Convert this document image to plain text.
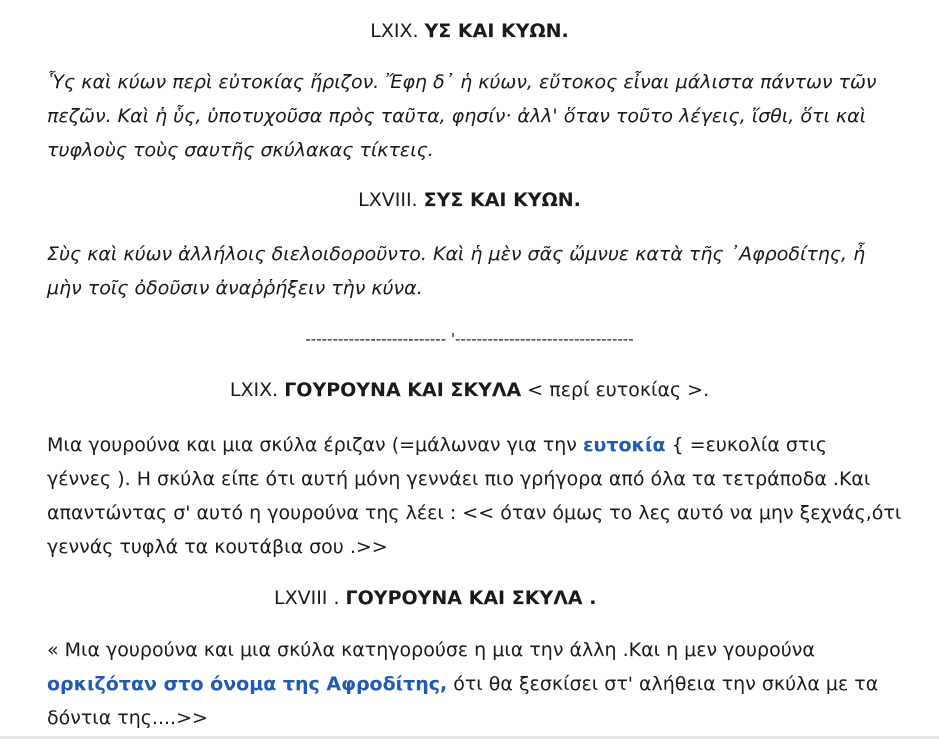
LXIX. ΥΣ ΚΑΙ ΚΥΩΝ.
Ὗς καὶ κύων περὶ εὐτοκίας ἤριζον. Ἔφη δ᾽ ἡ κύων, εὔτοκος εἶναι μάλιστα πάντων τῶν
πεζῶν. Καὶ ἡ ὗς, ὑποτυχοῦσα πρὸς ταῦτα, φησίν· ἀλλ' ὅταν τοῦτο λέγεις, ἴσθι, ὅτι καὶ
τυφλοὺς τοὺς σαυτῆς σκύλακας τίκτεις.
LXVIII. ΣΥΣ ΚΑΙ ΚΥΩΝ.
Σὺς καὶ κύων ἀλλήλοις διελοιδοροῦντο. Καὶ ἡ μὲν σᾶς ὤμνυε κατὰ τῆς ᾽Αφροδίτης, ἦ
μὴν τοῖς ὀδοῦσιν ἀναῤῥήξειν τὴν κύνα.
-------------------------- '---------------------------------
LXIX. ΓΟΥΡΟΥΝΑ ΚΑΙ ΣΚΥΛΑ < περί ευτοκίας >.
Μια γουρούνα και μια σκύλα έριζαν (=μάλωναν για την ευτοκία { =ευκολία στις
γέννες ). Η σκύλα είπε ότι αυτή μόνη γεννάει πιο γρήγορα από όλα τα τετράποδα .Και
απαντώντας σ' αυτό η γουρούνα της λέει : << όταν όμως το λες αυτό να μην ξεχνάς,ότι
γεννάς τυφλά τα κουτάβια σου .>>
LXVIII . ΓΟΥΡΟΥΝΑ ΚΑΙ ΣΚΥΛΑ .
« Μια γουρούνα και μια σκύλα κατηγορούσε η μια την άλλη .Και η μεν γουρούνα
ορκιζόταν στο όνομα της Αφροδίτης, ότι θα ξεσκίσει στ' αλήθεια την σκύλα με τα
δόντια της....>>
